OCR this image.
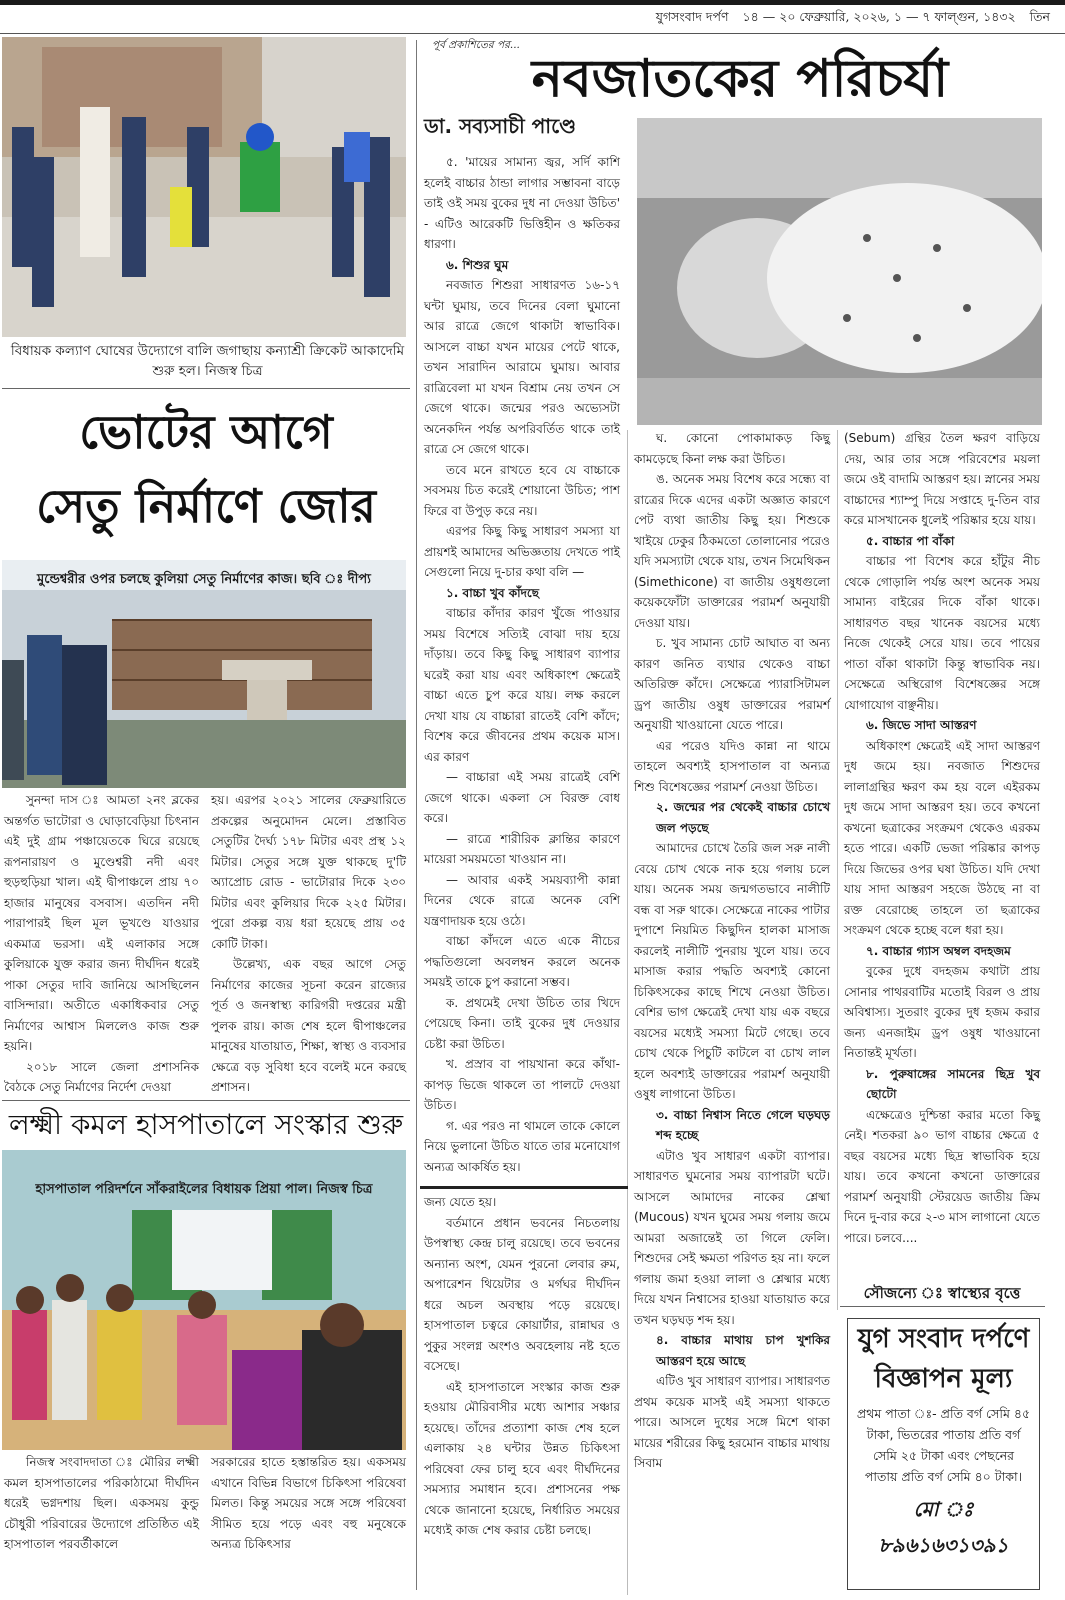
যুগসংবাদ দর্পণ ১৪ — ২০ ফেব্রুয়ারি, ২০২৬, ১ — ৭ ফাল্গুন, ১৪৩২ তিন
বিধায়ক কল্যাণ ঘোষের উদ্যোগে বালি জগাছায় কন্যাশ্রী ক্রিকেট আকাদেমি শুরু হল। নিজস্ব চিত্র
ভোটের আগে
সেতু নির্মাণে জোর
মুন্ডেশ্বরীর ওপর চলছে কুলিয়া সেতু নির্মাণের কাজ। ছবি ঃ দীপ্য

সুনন্দা দাস ঃ আমতা ২নং ব্লকের অন্তর্গত ভাটোরা ও ঘোড়াবেড়িয়া চিৎনান এই দুই গ্রাম পঞ্চায়েতকে ঘিরে রয়েছে রূপনারায়ণ ও মুণ্ডেশ্বরী নদী এবং হুড়হুড়িয়া খাল। এই দ্বীপাঞ্চলে প্রায় ৭০ হাজার মানুষের বসবাস। এতদিন নদী পারাপারই ছিল মূল ভূখণ্ডে যাওয়ার একমাত্র ভরসা। এই এলাকার সঙ্গে কুলিয়াকে যুক্ত করার জন্য দীর্ঘদিন ধরেই পাকা সেতুর দাবি জানিয়ে আসছিলেন বাসিন্দারা। অতীতে একাধিকবার সেতু নির্মাণের আশ্বাস মিললেও কাজ শুরু হয়নি।

২০১৮ সালে জেলা প্রশাসনিক বৈঠকে সেতু নির্মাণের নির্দেশ দেওয়া

হয়। এরপর ২০২১ সালের ফেব্রুয়ারিতে প্রকল্পের অনুমোদন মেলে। প্রস্তাবিত সেতুটির দৈর্ঘ্য ১৭৮ মিটার এবং প্রস্থ ১২ মিটার। সেতুর সঙ্গে যুক্ত থাকছে দু'টি অ্যাপ্রোচ রোড - ভাটোরার দিকে ২৩০ মিটার এবং কুলিয়ার দিকে ২২৫ মিটার। পুরো প্রকল্প ব্যয় ধরা হয়েছে প্রায় ৩৫ কোটি টাকা।

উল্লেখ্য, এক বছর আগে সেতু নির্মাণের কাজের সূচনা করেন রাজ্যের পূর্ত ও জনস্বাস্থ্য কারিগরী দপ্তরের মন্ত্রী পুলক রায়। কাজ শেষ হলে দ্বীপাঞ্চলের মানুষের যাতায়াত, শিক্ষা, স্বাস্থ্য ও ব্যবসার ক্ষেত্রে বড় সুবিধা হবে বলেই মনে করছে প্রশাসন।

লক্ষ্মী কমল হাসপাতালে সংস্কার শুরু
হাসপাতাল পরিদর্শনে সাঁকরাইলের বিধায়ক প্রিয়া পাল। নিজস্ব চিত্র

নিজস্ব সংবাদদাতা ঃ মৌরির লক্ষ্মী কমল হাসপাতালের পরিকাঠামো দীর্ঘদিন ধরেই ভগ্নদশায় ছিল। একসময় কুন্ডু চৌধুরী পরিবারের উদ্যোগে প্রতিষ্ঠিত এই হাসপাতাল পরবর্তীকালে

সরকারের হাতে হস্তান্তরিত হয়। একসময় এখানে বিভিন্ন বিভাগে চিকিৎসা পরিষেবা মিলত। কিন্তু সময়ের সঙ্গে সঙ্গে পরিষেবা সীমিত হয়ে পড়ে এবং বহু মনুষেকে অন্যত্র চিকিৎসার

পূর্ব প্রকাশিতের পর...
নবজাতকের পরিচর্যা
ডা. সব্যসাচী পাণ্ডে

৫. 'মায়ের সামান্য জ্বর, সর্দি কাশি হলেই বাচ্চার ঠান্ডা লাগার সম্ভাবনা বাড়ে তাই ওই সময় বুকের দুধ না দেওয়া উচিত' - এটিও আরেকটি ভিত্তিহীন ও ক্ষতিকর ধারণা।

৬. শিশুর ঘুম

নবজাত শিশুরা সাধারণত ১৬-১৭ ঘন্টা ঘুমায়, তবে দিনের বেলা ঘুমানো আর রাত্রে জেগে থাকাটা স্বাভাবিক। আসলে বাচ্চা যখন মায়ের পেটে থাকে, তখন সারাদিন আরামে ঘুমায়। আবার রাত্রিবেলা মা যখন বিশ্রাম নেয় তখন সে জেগে থাকে। জন্মের পরও অভ্যেসটা অনেকদিন পর্যন্ত অপরিবর্তিত থাকে তাই রাত্রে সে জেগে থাকে।

তবে মনে রাখতে হবে যে বাচ্চাকে সবসময় চিত করেই শোয়ানো উচিত; পাশ ফিরে বা উপুড় করে নয়।

এরপর কিছু কিছু সাধারণ সমস্যা যা প্রায়শই আমাদের অভিজ্ঞতায় দেখতে পাই সেগুলো নিয়ে দু-চার কথা বলি —

১. বাচ্চা খুব কাঁদছে

বাচ্চার কাঁদার কারণ খুঁজে পাওয়ার সময় বিশেষে সত্যিই বোঝা দায় হয়ে দাঁড়ায়। তবে কিছু কিছু সাধারণ ব্যাপার ঘরেই করা যায় এবং অধিকাংশ ক্ষেত্রেই বাচ্চা এতে চুপ করে যায়। লক্ষ করলে দেখা যায় যে বাচ্চারা রাতেই বেশি কাঁদে; বিশেষ করে জীবনের প্রথম কয়েক মাস। এর কারণ

— বাচ্চারা এই সময় রাত্রেই বেশি জেগে থাকে। একলা সে বিরক্ত বোধ করে।

— রাত্রে শারীরিক ক্লান্তির কারণে মায়েরা সময়মতো খাওয়ান না।

— আবার একই সময়ব্যাপী কান্না দিনের থেকে রাত্রে অনেক বেশি যন্ত্রণাদায়ক হয়ে ওঠে।

বাচ্চা কাঁদলে এতে একে নীচের পদ্ধতিগুলো অবলম্বন করলে অনেক সময়ই তাকে চুপ করানো সম্ভব।

ক. প্রথমেই দেখা উচিত তার খিদে পেয়েছে কিনা। তাই বুকের দুধ দেওয়ার চেষ্টা করা উচিত।

খ. প্রস্রাব বা পায়খানা করে কাঁথা-কাপড় ভিজে থাকলে তা পালটে দেওয়া উচিত।

গ. এর পরও না থামলে তাকে কোলে নিয়ে ভুলানো উচিত যাতে তার মনোযোগ অন্যত্র আকর্ষিত হয়।

জন্য যেতে হয়।

বর্তমানে প্রধান ভবনের নিচতলায় উপস্বাস্থ্য কেন্দ্র চালু রয়েছে। তবে ভবনের অন্যান্য অংশ, যেমন পুরনো লেবার রুম, অপারেশন থিয়েটার ও মর্গঘর দীর্ঘদিন ধরে অচল অবস্থায় পড়ে রয়েছে। হাসপাতাল চত্বরে কোয়ার্টার, রান্নাঘর ও পুকুর সংলগ্ন অংশও অবহেলায় নষ্ট হতে বসেছে।

এই হাসপাতালে সংস্কার কাজ শুরু হওয়ায় মৌরিবাসীর মধ্যে আশার সঞ্চার হয়েছে। তাঁদের প্রত্যাশা কাজ শেষ হলে এলাকায় ২৪ ঘন্টার উন্নত চিকিৎসা পরিষেবা ফের চালু হবে এবং দীর্ঘদিনের সমস্যার সমাধান হবে। প্রশাসনের পক্ষ থেকে জানানো হয়েছে, নির্ধারিত সময়ের মধ্যেই কাজ শেষ করার চেষ্টা চলছে।

ঘ. কোনো পোকামাকড় কিছু কামড়েছে কিনা লক্ষ করা উচিত।

ঙ. অনেক সময় বিশেষ করে সন্ধ্যে বা রাত্রের দিকে এদের একটা অজ্ঞাত কারণে পেট ব্যথা জাতীয় কিছু হয়। শিশুকে খাইয়ে ঢেকুর ঠিকমতো তোলানোর পরেও যদি সমস্যাটা থেকে যায়, তখন সিমেথিকন (Simethicone) বা জাতীয় ওষুধগুলো কয়েকফোঁটা ডাক্তারের পরামর্শ অনুযায়ী দেওয়া যায়।

চ. খুব সামান্য চোট আঘাত বা অন্য কারণ জনিত ব্যথার থেকেও বাচ্চা অতিরিক্ত কাঁদে। সেক্ষেত্রে প্যারাসিটামল ড্রপ জাতীয় ওষুধ ডাক্তারের পরামর্শ অনুযায়ী খাওয়ানো যেতে পারে।

এর পরেও যদিও কান্না না থামে তাহলে অবশ্যই হাসপাতাল বা অন্যত্র শিশু বিশেষজ্ঞের পরামর্শ নেওয়া উচিত।

২. জন্মের পর থেকেই বাচ্চার চোখে জল পড়ছে

আমাদের চোখে তৈরি জল সরু নালী বেয়ে চোখ থেকে নাক হয়ে গলায় চলে যায়। অনেক সময় জন্মগতভাবে নালীটি বন্ধ বা সরু থাকে। সেক্ষেত্রে নাকের পাটার দুপাশে নিয়মিত কিছুদিন হালকা মাসাজ করলেই নালীটি পুনরায় খুলে যায়। তবে মাসাজ করার পদ্ধতি অবশ্যই কোনো চিকিৎসকের কাছে শিখে নেওয়া উচিত। বেশির ভাগ ক্ষেত্রেই দেখা যায় এক বছরে বয়সের মধ্যেই সমস্যা মিটে গেছে। তবে চোখ থেকে পিচুটি কাটলে বা চোখ লাল হলে অবশ্যই ডাক্তারের পরামর্শ অনুযায়ী ওষুধ লাগানো উচিত।

৩. বাচ্চা নিশ্বাস নিতে গেলে ঘড়ঘড় শব্দ হচ্ছে

এটাও খুব সাধারণ একটা ব্যাপার। সাধারণত ঘুমনোর সময় ব্যাপারটা ঘটে। আসলে আমাদের নাকের শ্লেষ্মা (Mucous) যখন ঘুমের সময় গলায় জমে আমরা অজান্তেই তা গিলে ফেলি। শিশুদের সেই ক্ষমতা পরিণত হয় না। ফলে গলায় জমা হওয়া লালা ও শ্লেষ্মার মধ্যে দিয়ে যখন নিশ্বাসের হাওয়া যাতায়াত করে তখন ঘড়ঘড় শব্দ হয়।

৪. বাচ্চার মাথায় চাপ খুশকির আস্তরণ হয়ে আছে

এটিও খুব সাধারণ ব্যাপার। সাধারণত প্রথম কয়েক মাসই এই সমস্যা থাকতে পারে। আসলে দুধের সঙ্গে মিশে থাকা মায়ের শরীরের কিছু হরমোন বাচ্চার মাথায় সিবাম

(Sebum) গ্রন্থির তৈল ক্ষরণ বাড়িয়ে দেয়, আর তার সঙ্গে পরিবেশের ময়লা জমে ওই বাদামি আস্তরণ হয়। স্নানের সময় বাচ্চাদের শ্যাম্পু দিয়ে সপ্তাহে দু-তিন বার করে মাসখানেক ধুলেই পরিষ্কার হয়ে যায়।

৫. বাচ্চার পা বাঁকা

বাচ্চার পা বিশেষ করে হাঁটুর নীচ থেকে গোড়ালি পর্যন্ত অংশ অনেক সময় সামান্য বাইরের দিকে বাঁকা থাকে। সাধারণত বছর খানেক বয়সের মধ্যে নিজে থেকেই সেরে যায়। তবে পায়ের পাতা বাঁকা থাকাটা কিন্তু স্বাভাবিক নয়। সেক্ষেত্রে অস্থিরোগ বিশেষজ্ঞের সঙ্গে যোগাযোগ বাঞ্ছনীয়।

৬. জিভে সাদা আস্তরণ

অধিকাংশ ক্ষেত্রেই এই সাদা আস্তরণ দুধ জমে হয়। নবজাত শিশুদের লালাগ্রন্থির ক্ষরণ কম হয় বলে এইরকম দুধ জমে সাদা আস্তরণ হয়। তবে কখনো কখনো ছত্রাকের সংক্রমণ থেকেও এরকম হতে পারে। একটি ভেজা পরিষ্কার কাপড় দিয়ে জিভের ওপর ঘষা উচিত। যদি দেখা যায় সাদা আস্তরণ সহজে উঠছে না বা রক্ত বেরোচ্ছে তাহলে তা ছত্রাকের সংক্রমণ থেকে হচ্ছে বলে ধরা হয়।

৭. বাচ্চার গ্যাস অম্বল বদহজম

বুকের দুধে বদহজম কথাটা প্রায় সোনার পাথরবাটির মতোই বিরল ও প্রায় অবিশ্বাস্য। সুতরাং বুকের দুধ হজম করার জন্য এনজাইম ড্রপ ওষুধ খাওয়ানো নিতান্তই মূর্খতা।

৮. পুরুষাঙ্গের সামনের ছিদ্র খুব ছোটো

এক্ষেত্রেও দুশ্চিন্তা করার মতো কিছু নেই। শতকরা ৯০ ভাগ বাচ্চার ক্ষেত্রে ৫ বছর বয়সের মধ্যে ছিদ্র স্বাভাবিক হয়ে যায়। তবে কখনো কখনো ডাক্তারের পরামর্শ অনুযায়ী স্টেরয়েড জাতীয় ক্রিম দিনে দু-বার করে ২-৩ মাস লাগানো যেতে পারে। চলবে....

সৌজন্যে ঃ স্বাস্থ্যের বৃত্তে
যুগ সংবাদ দর্পণে
বিজ্ঞাপন মূল্য
প্রথম পাতা ঃ- প্রতি বর্গ সেমি ৪৫ টাকা, ভিতরের পাতায় প্রতি বর্গ সেমি ২৫ টাকা এবং পেছনের পাতায় প্রতি বর্গ সেমি ৪০ টাকা।
মো ঃ ৮৯৬১৬৩১৩৯১
